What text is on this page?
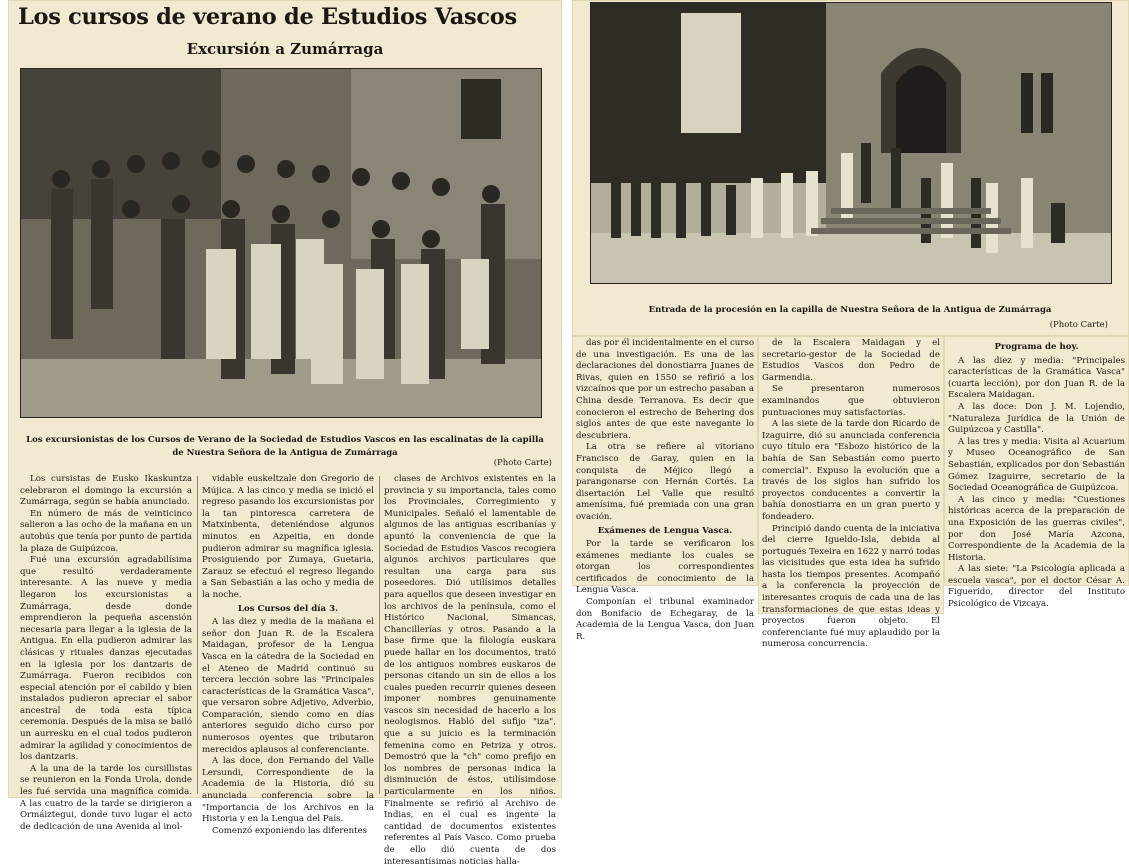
Los cursos de verano de Estudios Vascos
Excursión a Zumárraga
Los excursionistas de los Cursos de Verano de la Sociedad de Estudios Vascos en las escalinatas de la capilla de Nuestra Señora de la Antigua de Zumárraga
(Photo Carte)

Los cursistas de Eusko Ikaskuntza celebraron el domingo la excursión a Zumárraga, según se había anunciado.

En número de más de veinticinco salieron a las ocho de la mañana en un autobús que tenía por punto de partida la plaza de Guipúzcoa.

Fué una excursión agradabilísima que resultó verdaderamente interesante. A las nueve y media llegaron los excursionistas a Zumárraga, desde donde emprendieron la pequeña ascensión necesaria para llegar a la iglesia de la Antigua. En ella pudieron admirar las clásicas y rituales danzas ejecutadas en la iglesia por los dantzaris de Zumárraga. Fueron recibidos con especial atención por el cabildo y bien instalados pudieron apreciar el sabor ancestral de toda esta típica ceremonia. Después de la misa se bailó un aurresku en el cual todos pudieron admirar la agilidad y conocimientos de los dantzaris.

A la una de la tarde los cursillistas se reunieron en la Fonda Urola, donde les fué servida una magnífica comida. A las cuatro de la tarde se dirigieron a Ormáiztegui, donde tuvo lugar el acto de dedicación de una Avenida al inol-

vidable euskeltzale don Gregorio de Mújica. A las cinco y media se inició el regreso pasando los excursionistas por la tan pintoresca carretera de Matxinbenta, deteniéndose algunos minutos en Azpeitia, en donde pudieron admirar su magnífica iglesia. Prosiguiendo por Zumaya, Guetaria, Zarauz se efectuó el regreso llegando a San Sebastián a las ocho y media de la noche.

Los Cursos del día 3.

A las diez y media de la mañana el señor don Juan R. de la Escalera Maidagan, profesor de la Lengua Vasca en la cátedra de la Sociedad en el Ateneo de Madrid continuó su tercera lección sobre las "Principales características de la Gramática Vasca", que versaron sobre Adjetivo, Adverbio, Comparación, siendo como en días anteriores seguido dicho curso por numerosos oyentes que tributaron merecidos aplausos al conferenciante.

A las doce, don Fernando del Valle Lersundi, Correspondiente de la Academia de la Historia, dió su anunciada conferencia sobre la "Importancia de los Archivos en la Historia y en la Lengua del País.

Comenzó exponiendo las diferentes

clases de Archivos existentes en la provincia y su importancia, tales como los Provinciales, Corregimiento y Municipales. Señaló el lamentable de algunos de las antiguas escribanías y apuntó la conveniencia de que la Sociedad de Estudios Vascos recogiera algunos archivos particulares que resultan una carga para sus poseedores. Dió utilísimos detalles para aquellos que deseen investigar en los archivos de la península, como el Histórico Nacional, Simancas, Chancillerías y otros. Pasando a la base firme que la filología euskara puede hallar en los documentos, trató de los antiguos nombres euskaros de personas citando un sin de ellos a los cuales pueden recurrir quienes deseen imponer nombres genuinamente vascos sin necesidad de hacerlo a los neologismos. Habló del sufijo "iza", que a su juicio es la terminación femenina como en Petriza y otros. Demostró que la "ch" como prefijo en los nombres de personas indica la disminución de éstos, utilísimdose particularmente en los niños. Finalmente se refirió al Archivo de Indias, en el cual es ingente la cantidad de documentos existentes referentes al País Vasco. Como prueba de ello dió cuenta de dos interesantísimas noticias halla-

Entrada de la procesión en la capilla de Nuestra Señora de la Antigua de Zumárraga
(Photo Carte)

das por él incidentalmente en el curso de una investigación. Es una de las declaraciones del donostiarra Juanes de Rivas, quien en 1550 se refirió a los vizcaínos que por un estrecho pasaban a China desde Terranova. Es decir que conocieron el estrecho de Behering dos siglos antes de que este navegante lo descubriera.

La otra se refiere al vitoriano Francisco de Garay, quien en la conquista de Méjico llegó a parangonarse con Hernán Cortés. La disertación Lel Valle que resultó amenísima, fué premiada con una gran ovación.

Exámenes de Lengua Vasca.

Por la tarde se verificaron los exámenes mediante los cuales se otorgan los correspondientes certificados de conocimiento de la Lengua Vasca.

Componían el tribunal examinador don Bonifacio de Echegaray, de la Academia de la Lengua Vasca, don Juan R.

de la Escalera Maidagan y el secretario-gestor de la Sociedad de Estudios Vascos don Pedro de Garmendia.

Se presentaron numerosos examinandos que obtuvieron puntuaciones muy satisfactorias.

A las siete de la tarde don Ricardo de Izaguirre, dió su anunciada conferencia cuyo título era "Esbozo histórico de la bahía de San Sebastián como puerto comercial". Expuso la evolución que a través de los siglos han sufrido los proyectos conducentes a convertir la bahía donostiarra en un gran puerto y fondeadero.

Principió dando cuenta de la iniciativa del cierre Igueldo-Isla, debida al portugués Texeira en 1622 y narró todas las vicisitudes que esta idea ha sufrido hasta los tiempos presentes. Acompañó a la conferencia la proyección de interesantes croquis de cada una de las transformaciones de que estas ideas y proyectos fueron objeto. El conferenciante fué muy aplaudido por la numerosa concurrencia.

Programa de hoy.

A las diez y media: "Principales características de la Gramática Vasca" (cuarta lección), por don Juan R. de la Escalera Maidagan.

A las doce: Don J. M. Lojendio, "Naturaleza Jurídica de la Unión de Guipúzcoa y Castilla".

A las tres y media: Visita al Acuarium y Museo Oceanográfico de San Sebastián, explicados por don Sebastián Gómez Izaguirre, secretario de la Sociedad Oceanográfica de Guipúzcoa.

A las cinco y media: "Cuestiones históricas acerca de la preparación de una Exposición de las guerras civiles", por don José María Azcona, Correspondiente de la Academia de la Historia.

A las siete: "La Psicología aplicada a escuela vasca", por el doctor César A. Figuerido, director del Instituto Psicológico de Vizcaya.
